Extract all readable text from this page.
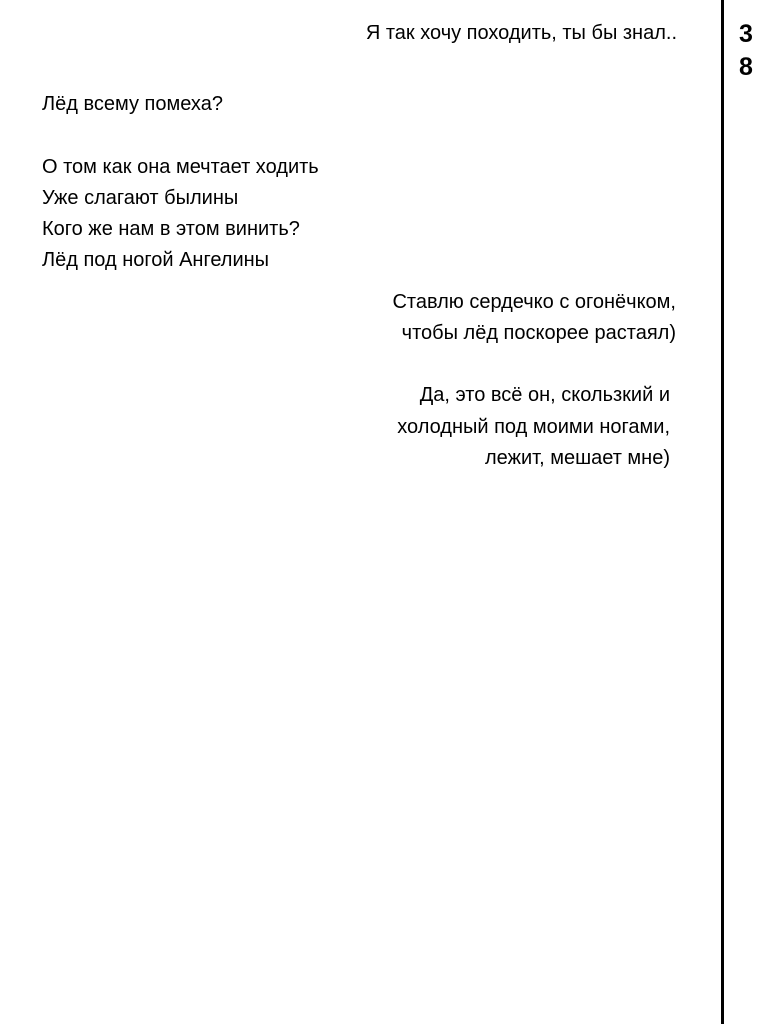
Я так хочу походить, ты бы знал..
Лёд всему помеха?
О том как она мечтает ходить
Уже слагают былины
Кого же нам в этом винить?
Лёд под ногой Ангелины
Ставлю сердечко с огонёчком,
чтобы лёд поскорее растаял)
Да, это всё он, скользкий и
холодный под моими ногами,
лежит, мешает мне)
3
8
